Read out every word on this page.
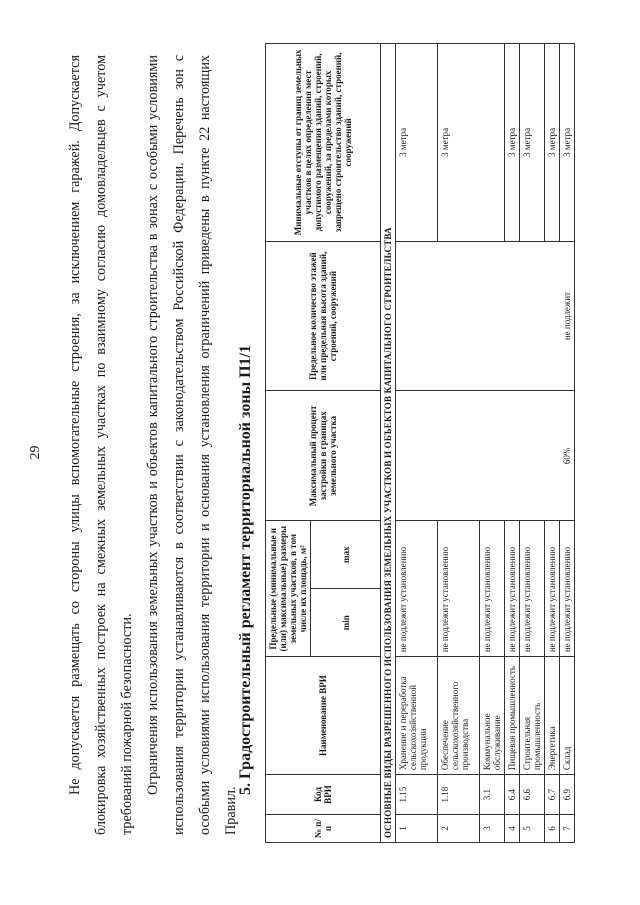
29	Не допускается размещать со стороны улицы вспомогательные строения, за исключением гаражей. Допускается блокировка хозяйственных построек на смежных земельных участках по взаимному согласию домовладельцев с учетом требований пожарной безопасности. Ограничения использования земельных участков и объектов капитального строительства в зонах с особыми условиями использования территории устанавливаются в соответствии с законодательством Российской Федерации. Перечень зон с особыми условиями использования территории и основания установления ограничений приведены в пункте 22 настоящих Правил.

5. Градостроительный регламент территориальной зоны П1/1
№ п/п	Код ВРИ	Наименование ВРИ	Предельные (минимальные и (или) максимальные) размеры земельных участков, в том числе их площадь, м²		Максимальный процент застройки в границах земельного участка	Предельное количество этажей или предельная высота зданий, строений, сооружений	Минимальные отступы от границ земельных участков в целях определения мест допустимого размещения зданий, строений, сооружений, за пределами которых запрещено строительство зданий, строений, сооружений
			min	max			
ОСНОВНЫЕ ВИДЫ РАЗРЕШЕННОГО ИСПОЛЬЗОВАНИЯ ЗЕМЕЛЬНЫХ УЧАСТКОВ И ОБЪЕКТОВ КАПИТАЛЬНОГО СТРОИТЕЛЬСТВА							
1	1.15	Хранение и переработка сельскохозяйственной продукции	не подлежит установлению		60%	не подлежит	3 метра
2	1.18	Обеспечение сельскохозяйственного производства	не подлежит установлению				3 метра
3	3.1	Коммунальное обслуживание	не подлежит установлению				
4	6.4	Пищевая промышленность	не подлежит установлению				3 метра
5	6.6	Строительная промышленность	не подлежит установлению				3 метра
6	6.7	Энергетика	не подлежит установлению				3 метра
7	6.9	Склад	не подлежит установлению				3 метра
